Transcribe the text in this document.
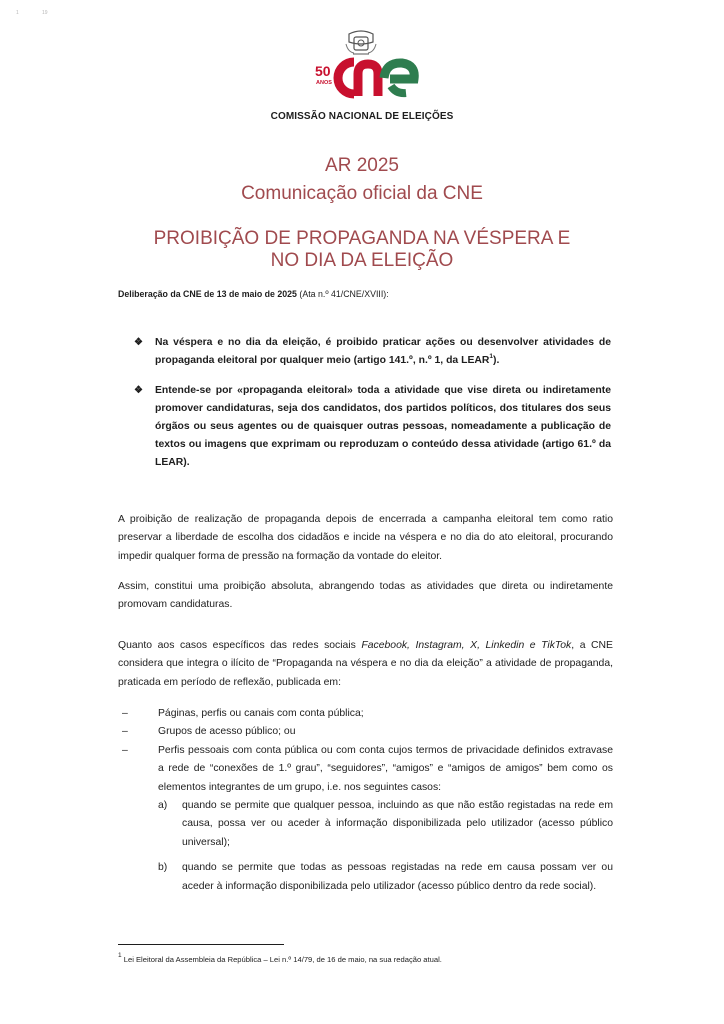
1	19
50
ANOS
cne
COMISSÃO NACIONAL DE ELEIÇÕES
AR 2025
Comunicação oficial da CNE
PROIBIÇÃO DE PROPAGANDA NA VÉSPERA E
NO DIA DA ELEIÇÃO
Deliberação da CNE de 13 de maio de 2025 (Ata n.º 41/CNE/XVIII):

❖ Na véspera e no dia da eleição, é proibido praticar ações ou desenvolver atividades de propaganda eleitoral por qualquer meio (artigo 141.º, n.º 1, da LEAR$^1$).

❖ Entende-se por «propaganda eleitoral» toda a atividade que vise direta ou indiretamente promover candidaturas, seja dos candidatos, dos partidos políticos, dos titulares dos seus órgãos ou seus agentes ou de quaisquer outras pessoas, nomeadamente a publicação de textos ou imagens que exprimam ou reproduzam o conteúdo dessa atividade (artigo 61.º da LEAR).

A proibição de realização de propaganda depois de encerrada a campanha eleitoral tem como ratio preservar a liberdade de escolha dos cidadãos e incide na véspera e no dia do ato eleitoral, procurando impedir qualquer forma de pressão na formação da vontade do eleitor.

Assim, constitui uma proibição absoluta, abrangendo todas as atividades que direta ou indiretamente promovam candidaturas.

Quanto aos casos específicos das redes sociais Facebook, Instagram, X, Linkedin e TikTok, a CNE considera que integra o ilícito de “Propaganda na véspera e no dia da eleição” a atividade de propaganda, praticada em período de reflexão, publicada em:

–	Páginas, perfis ou canais com conta pública;
–	Grupos de acesso público; ou
–	Perfis pessoais com conta pública ou com conta cujos termos de privacidade definidos extravase a rede de “conexões de 1.º grau”, “seguidores”, “amigos” e “amigos de amigos” bem como os elementos integrantes de um grupo, i.e. nos seguintes casos:
a) quando se permite que qualquer pessoa, incluindo as que não estão registadas na rede em causa, possa ver ou aceder à informação disponibilizada pelo utilizador (acesso público universal);
b) quando se permite que todas as pessoas registadas na rede em causa possam ver ou aceder à informação disponibilizada pelo utilizador (acesso público dentro da rede social).
$^1$ Lei Eleitoral da Assembleia da República – Lei n.º 14/79, de 16 de maio, na sua redação atual.
